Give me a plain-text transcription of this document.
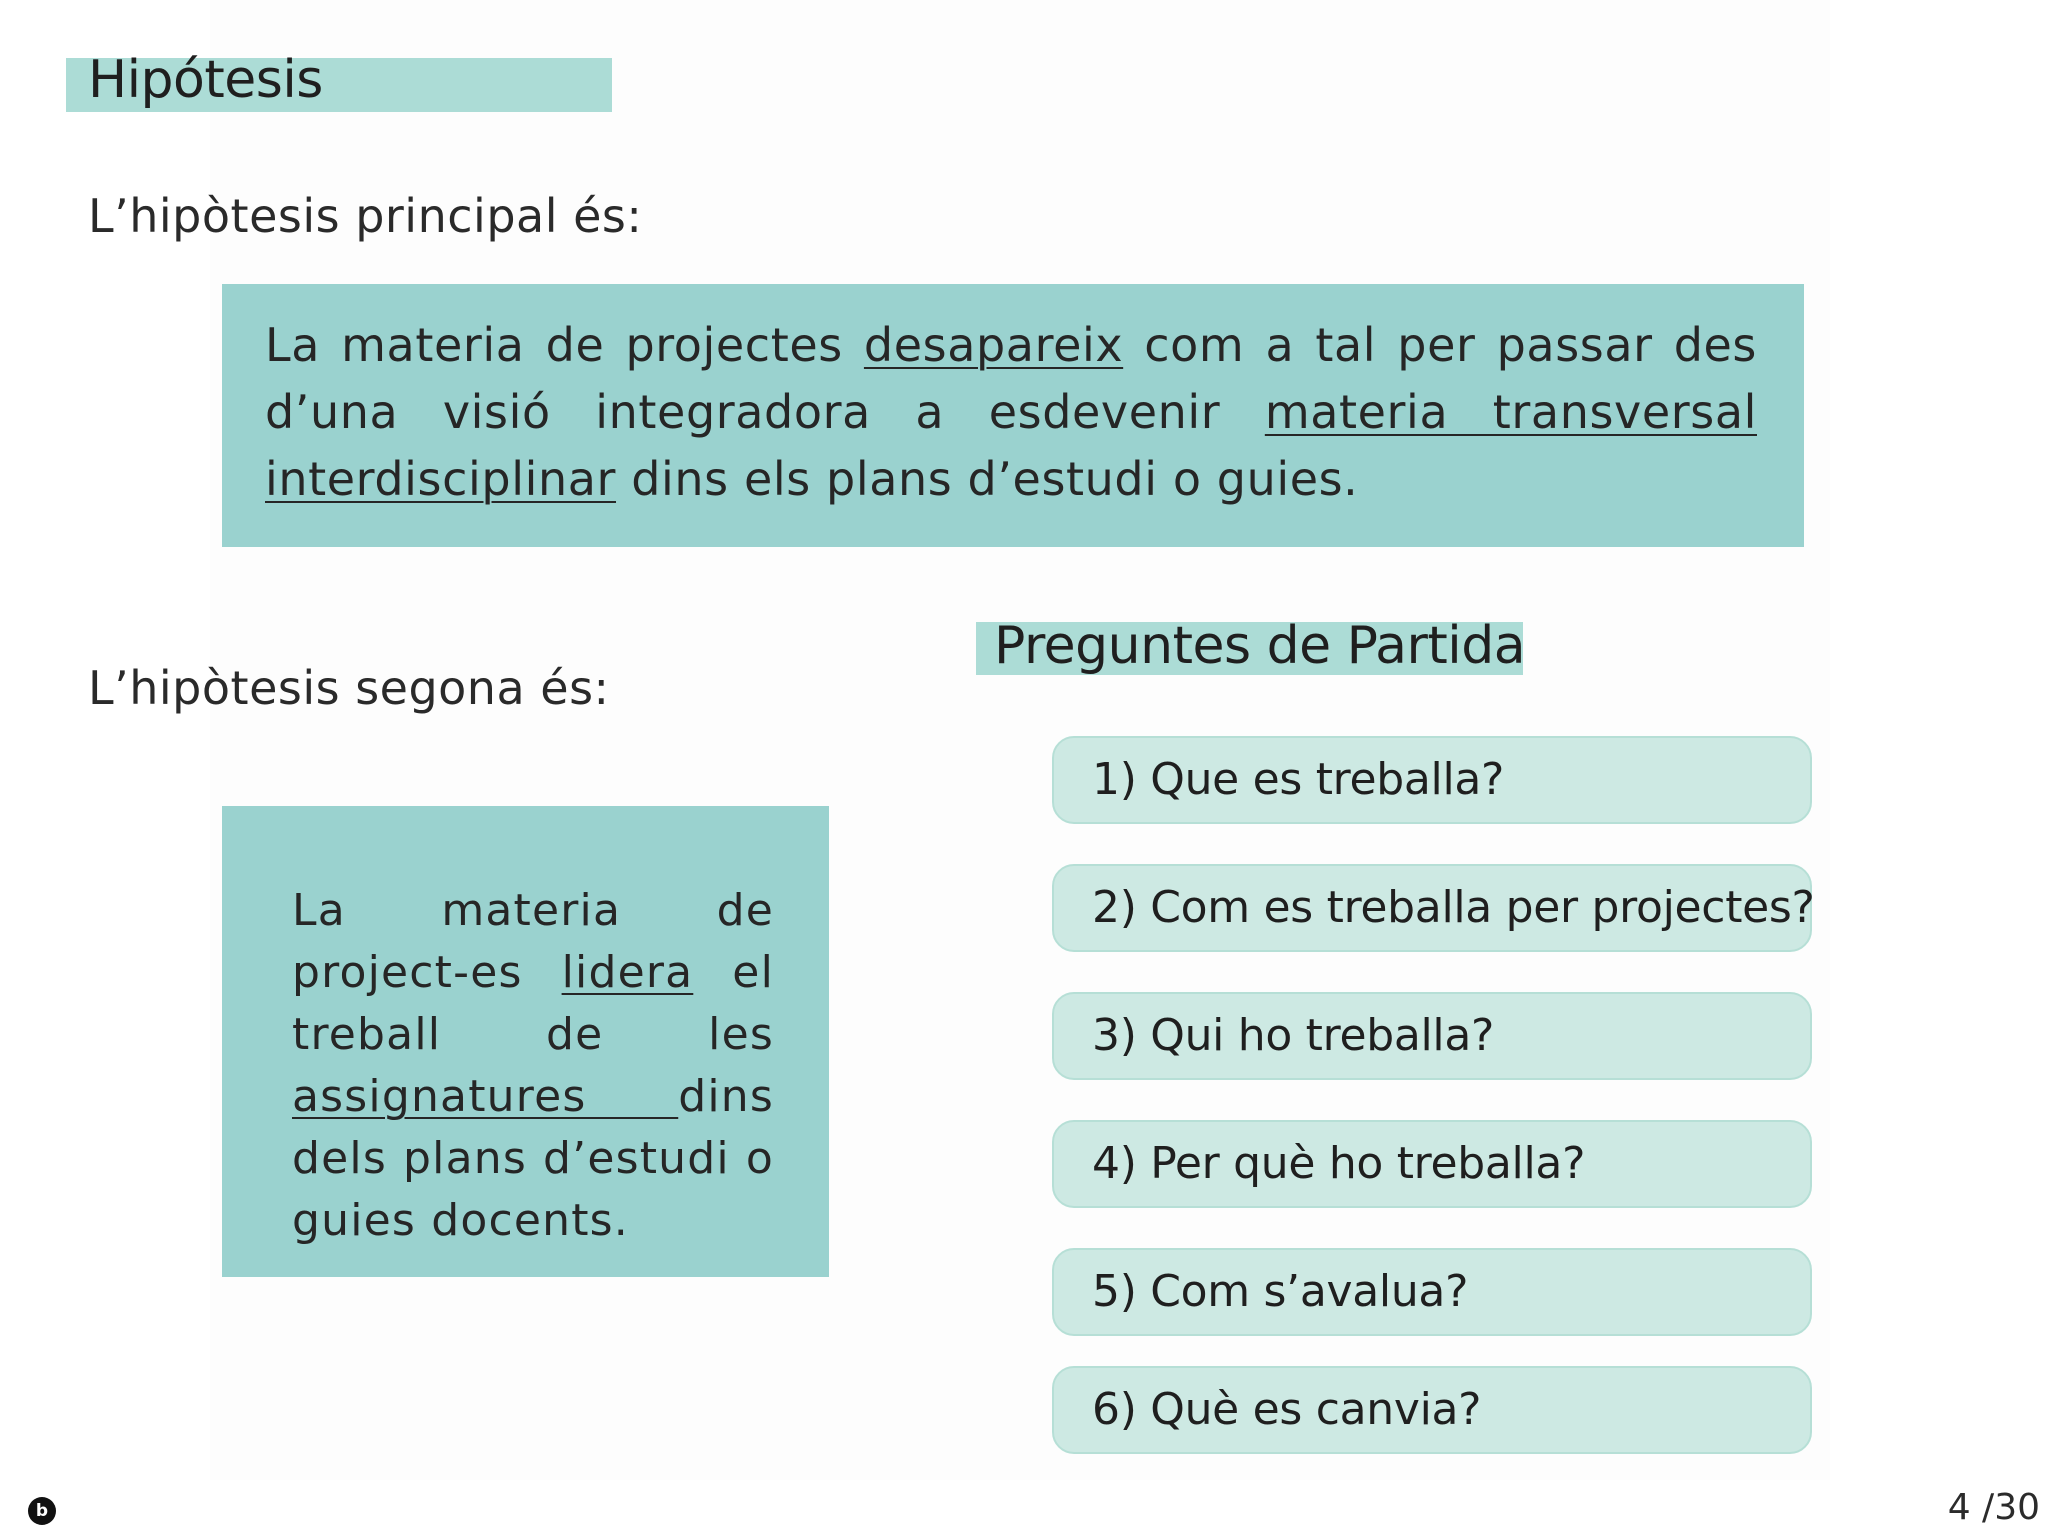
Hipótesis
L’hipòtesis principal és:

La materia de projectes desapareix com a tal per passar des d’una visió integradora a esdevenir materia transversal interdisciplinar dins els plans d’estudi o guies.

L’hipòtesis segona és:

La materia de project-es lidera el treball de les assignatures dins dels plans d’estudi o guies docents.

Preguntes de Partida
1) Que es treballa?
2) Com es treballa per projectes?
3) Qui ho treballa?
4) Per què ho treballa?
5) Com s’avalua?
6) Què es canvia?
b	4 /30
